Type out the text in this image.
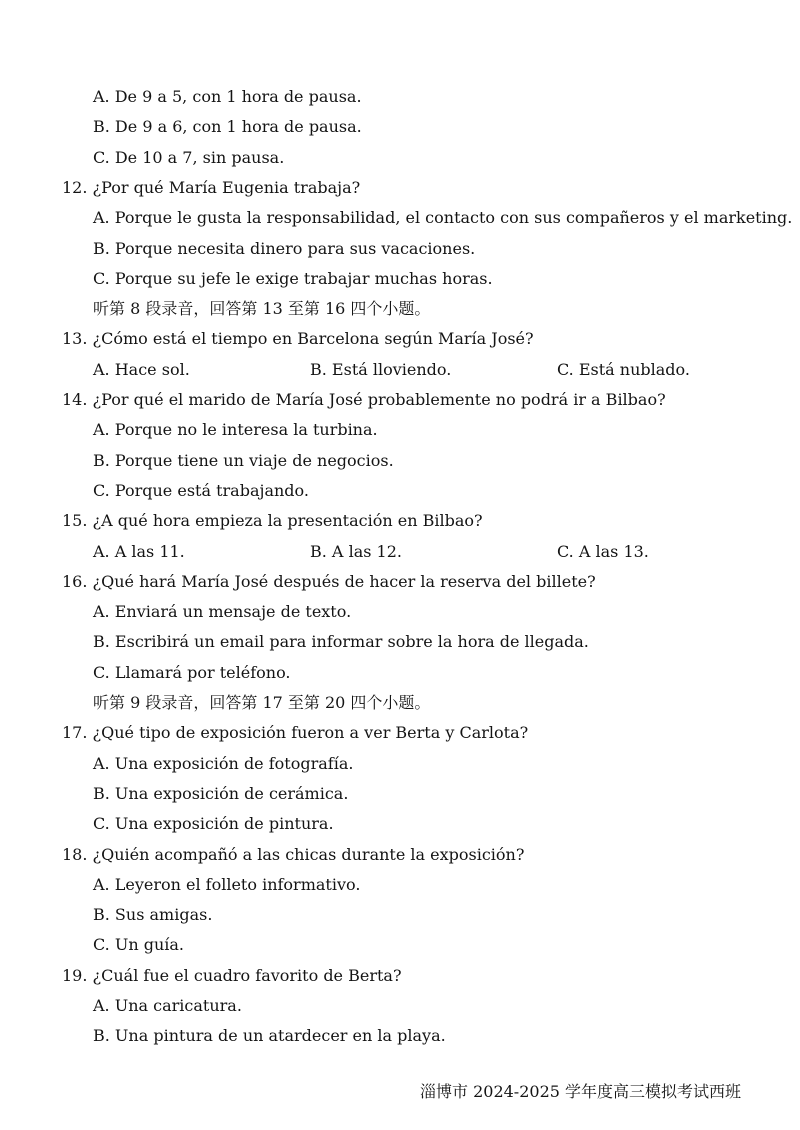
A. De 9 a 5, con 1 hora de pausa.
B. De 9 a 6, con 1 hora de pausa.
C. De 10 a 7, sin pausa.
12. ¿Por qué María Eugenia trabaja?
A. Porque le gusta la responsabilidad, el contacto con sus compañeros y el marketing.
B. Porque necesita dinero para sus vacaciones.
C. Porque su jefe le exige trabajar muchas horas.
听第 8 段录音，回答第 13 至第 16 四个小题。
13. ¿Cómo está el tiempo en Barcelona según María José?
A. Hace sol.	B. Está lloviendo.	C. Está nublado.
14. ¿Por qué el marido de María José probablemente no podrá ir a Bilbao?
A. Porque no le interesa la turbina.
B. Porque tiene un viaje de negocios.
C. Porque está trabajando.
15. ¿A qué hora empieza la presentación en Bilbao?
A. A las 11.	B. A las 12.	C. A las 13.
16. ¿Qué hará María José después de hacer la reserva del billete?
A. Enviará un mensaje de texto.
B. Escribirá un email para informar sobre la hora de llegada.
C. Llamará por teléfono.
听第 9 段录音，回答第 17 至第 20 四个小题。
17. ¿Qué tipo de exposición fueron a ver Berta y Carlota?
A. Una exposición de fotografía.
B. Una exposición de cerámica.
C. Una exposición de pintura.
18. ¿Quién acompañó a las chicas durante la exposición?
A. Leyeron el folleto informativo.
B. Sus amigas.
C. Un guía.
19. ¿Cuál fue el cuadro favorito de Berta?
A. Una caricatura.
B. Una pintura de un atardecer en la playa.
淄博市 2024-2025 学年度高三模拟考试西班
